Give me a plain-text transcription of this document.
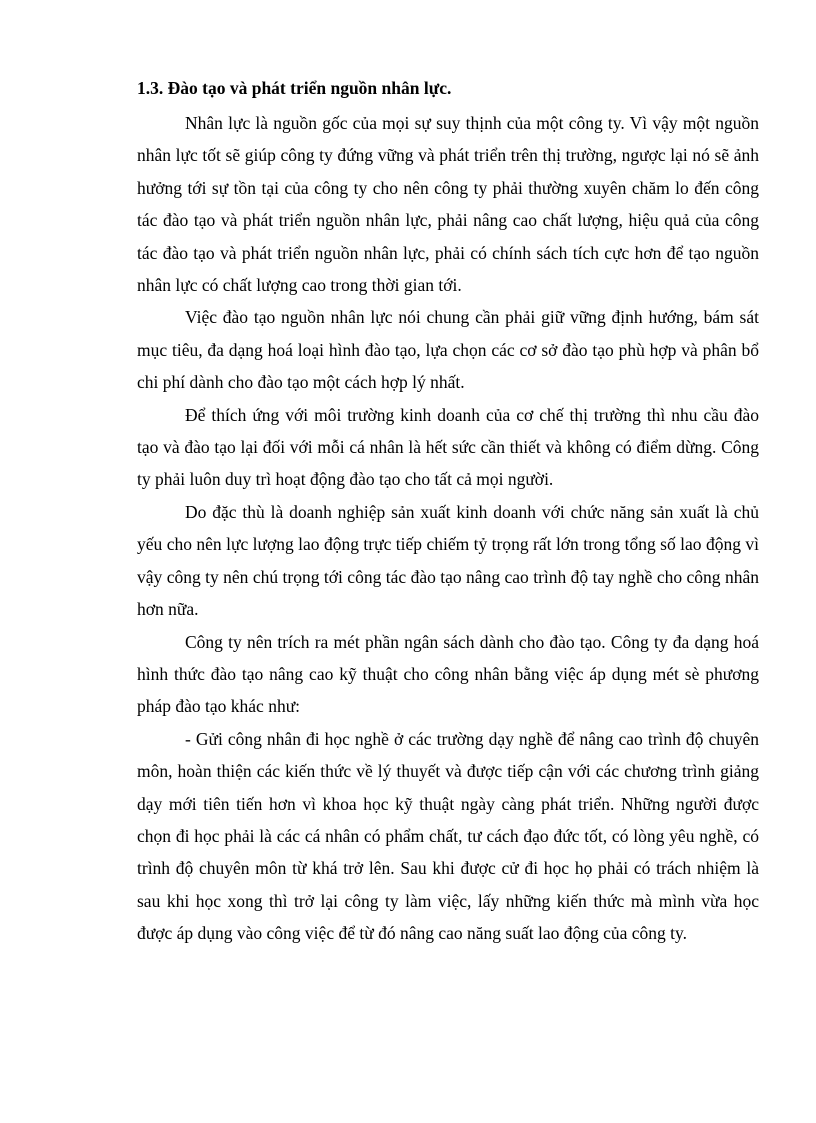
1.3. Đào tạo và phát triển nguồn nhân lực.

Nhân lực là nguồn gốc của mọi sự suy thịnh của một công ty. Vì vậy một nguồn nhân lực tốt sẽ giúp công ty đứng vững và phát triển trên thị trường, ngược lại nó sẽ ảnh hưởng tới sự tồn tại của công ty cho nên công ty phải thường xuyên chăm lo đến công tác đào tạo và phát triển nguồn nhân lực, phải nâng cao chất lượng, hiệu quả của công tác đào tạo và phát triển nguồn nhân lực, phải có chính sách tích cực hơn để tạo nguồn nhân lực có chất lượng cao trong thời gian tới.

Việc đào tạo nguồn nhân lực nói chung cần phải giữ vững định hướng, bám sát mục tiêu, đa dạng hoá loại hình đào tạo, lựa chọn các cơ sở đào tạo phù hợp và phân bổ chi phí dành cho đào tạo một cách hợp lý nhất.

Để thích ứng với môi trường kinh doanh của cơ chế thị trường thì nhu cầu đào tạo và đào tạo lại đối với mỗi cá nhân là hết sức cần thiết và không có điểm dừng. Công ty phải luôn duy trì hoạt động đào tạo cho tất cả mọi người.

Do đặc thù là doanh nghiệp sản xuất kinh doanh với chức năng sản xuất là chủ yếu cho nên lực lượng lao động trực tiếp chiếm tỷ trọng rất lớn trong tổng số lao động vì vậy công ty nên chú trọng tới công tác đào tạo nâng cao trình độ tay nghề cho công nhân hơn nữa.

Công ty nên trích ra mét phần ngân sách dành cho đào tạo. Công ty đa dạng hoá hình thức đào tạo nâng cao kỹ thuật cho công nhân bằng việc áp dụng mét sè phương pháp đào tạo khác như:

- Gửi công nhân đi học nghề ở các trường dạy nghề để nâng cao trình độ chuyên môn, hoàn thiện các kiến thức về lý thuyết và được tiếp cận với các chương trình giảng dạy mới tiên tiến hơn vì khoa học kỹ thuật ngày càng phát triển. Những người được chọn đi học phải là các cá nhân có phẩm chất, tư cách đạo đức tốt, có lòng yêu nghề, có trình độ chuyên môn từ khá trở lên. Sau khi được cử đi học họ phải có trách nhiệm là sau khi học xong thì trở lại công ty làm việc, lấy những kiến thức mà mình vừa học được áp dụng vào công việc để từ đó nâng cao năng suất lao động của công ty.
